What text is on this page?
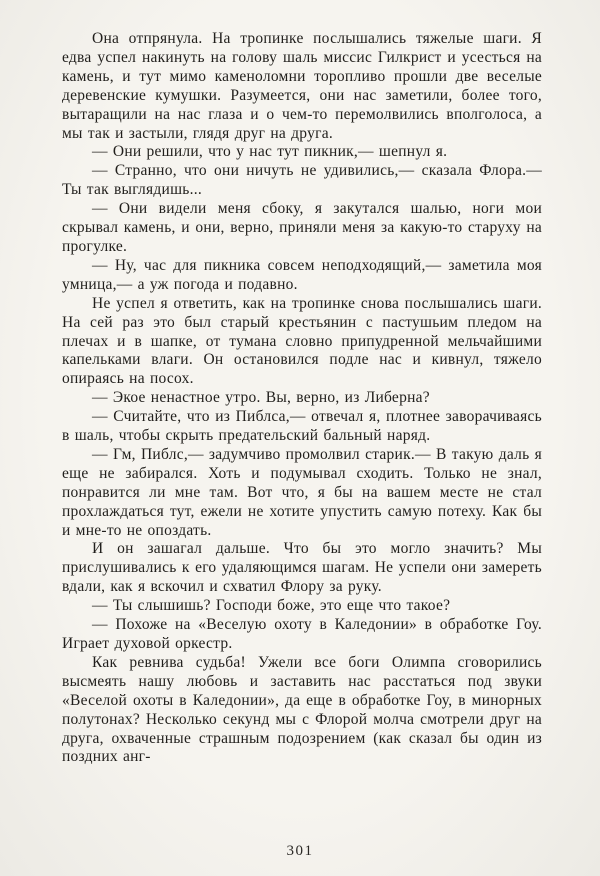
Она отпрянула. На тропинке послышались тяжелые шаги. Я едва успел накинуть на голову шаль миссис Гилкрист и усесться на камень, и тут мимо каменоломни торопливо прошли две веселые деревенские кумушки. Разумеется, они нас заметили, более того, вытаращили на нас глаза и о чем-то перемолвились вполголоса, а мы так и застыли, глядя друг на друга.

— Они решили, что у нас тут пикник,— шепнул я.

— Странно, что они ничуть не удивились,— сказала Флора.— Ты так выглядишь...

— Они видели меня сбоку, я закутался шалью, ноги мои скрывал камень, и они, верно, приняли меня за какую-то старуху на прогулке.

— Ну, час для пикника совсем неподходящий,— заметила моя умница,— а уж погода и подавно.

Не успел я ответить, как на тропинке снова послышались шаги. На сей раз это был старый крестьянин с пастушьим пледом на плечах и в шапке, от тумана словно припудренной мельчайшими капельками влаги. Он остановился подле нас и кивнул, тяжело опираясь на посох.

— Экое ненастное утро. Вы, верно, из Либерна?

— Считайте, что из Пиблса,— отвечал я, плотнее заворачиваясь в шаль, чтобы скрыть предательский бальный наряд.

— Гм, Пиблс,— задумчиво промолвил старик.— В такую даль я еще не забирался. Хоть и подумывал сходить. Только не знал, понравится ли мне там. Вот что, я бы на вашем месте не стал прохлаждаться тут, ежели не хотите упустить самую потеху. Как бы и мне-то не опоздать.

И он зашагал дальше. Что бы это могло значить? Мы прислушивались к его удаляющимся шагам. Не успели они замереть вдали, как я вскочил и схватил Флору за руку.

— Ты слышишь? Господи боже, это еще что такое?

— Похоже на «Веселую охоту в Каледонии» в обработке Гоу. Играет духовой оркестр.

Как ревнива судьба! Ужели все боги Олимпа сговорились высмеять нашу любовь и заставить нас расстаться под звуки «Веселой охоты в Каледонии», да еще в обработке Гоу, в минорных полутонах? Несколько секунд мы с Флорой молча смотрели друг на друга, охваченные страшным подозрением (как сказал бы один из поздних анг-

301
